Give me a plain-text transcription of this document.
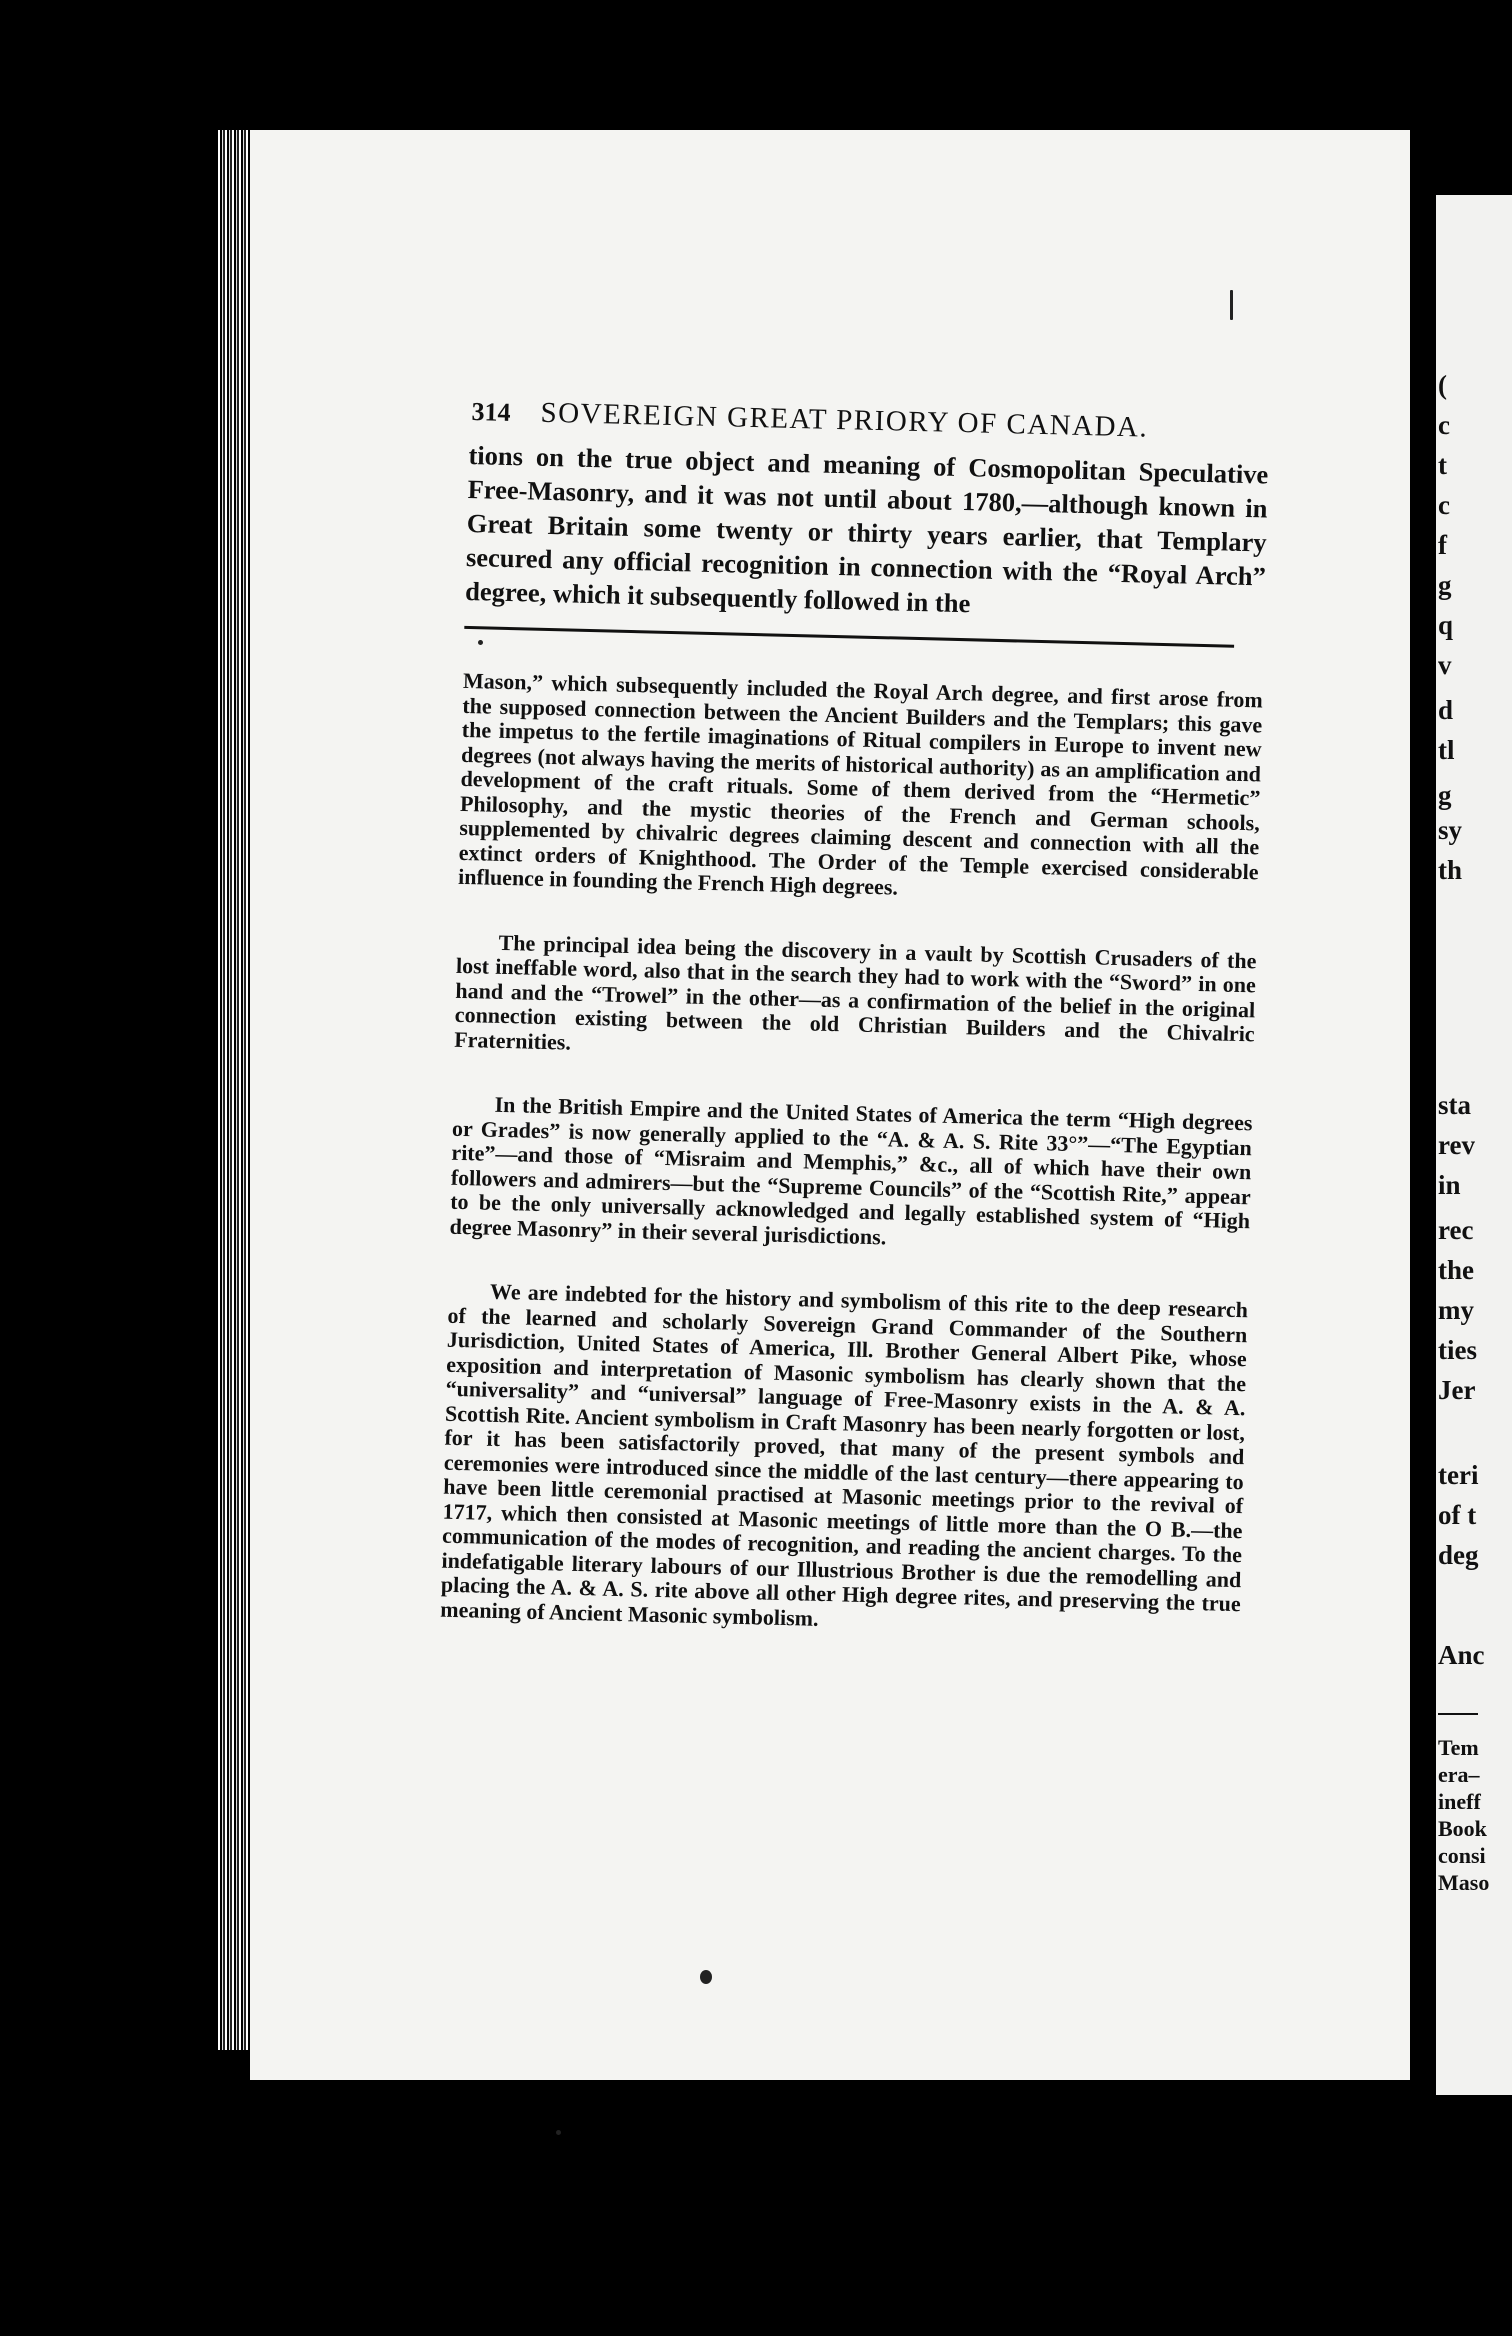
(
c
t
c
f
g
q
v
d
tl
g
sy
th
sta
rev
in
rec
the
my
ties
Jer
teri
of t
deg
Anc
Tem
era–
ineff
Book
consi
Maso
314 SOVEREIGN GREAT PRIORY OF CANADA.

tions on the true object and meaning of Cosmopolitan Speculative Free-Masonry, and it was not until about 1780,—although known in Great Britain some twenty or thirty years earlier, that Templary secured any official recognition in connection with the “Royal Arch” degree, which it subsequently followed in the

Mason,” which subsequently included the Royal Arch degree, and first arose from the supposed connection between the Ancient Builders and the Templars; this gave the impetus to the fertile imaginations of Ritual compilers in Europe to invent new degrees (not always having the merits of historical authority) as an amplification and development of the craft rituals. Some of them derived from the “Hermetic” Philosophy, and the mystic theories of the French and German schools, supplemented by chivalric degrees claiming descent and connection with all the extinct orders of Knighthood. The Order of the Temple exercised considerable influence in founding the French High degrees.

The principal idea being the discovery in a vault by Scottish Crusaders of the lost ineffable word, also that in the search they had to work with the “Sword” in one hand and the “Trowel” in the other—as a confirmation of the belief in the original connection existing between the old Christian Builders and the Chivalric Fraternities.

In the British Empire and the United States of America the term “High degrees or Grades” is now generally applied to the “A. & A. S. Rite 33°”—“The Egyptian rite”—and those of “Misraim and Memphis,” &c., all of which have their own followers and admirers—but the “Supreme Councils” of the “Scottish Rite,” appear to be the only universally acknowledged and legally established system of “High degree Masonry” in their several jurisdictions.

We are indebted for the history and symbolism of this rite to the deep research of the learned and scholarly Sovereign Grand Commander of the Southern Jurisdiction, United States of America, Ill. Brother General Albert Pike, whose exposition and interpretation of Masonic symbolism has clearly shown that the “universality” and “universal” language of Free-Masonry exists in the A. & A. Scottish Rite. Ancient symbolism in Craft Masonry has been nearly forgotten or lost, for it has been satisfactorily proved, that many of the present symbols and ceremonies were introduced since the middle of the last century—there appearing to have been little ceremonial practised at Masonic meetings prior to the revival of 1717, which then consisted at Masonic meetings of little more than the O B.—the communication of the modes of recognition, and reading the ancient charges. To the indefatigable literary labours of our Illustrious Brother is due the remodelling and placing the A. & A. S. rite above all other High degree rites, and preserving the true meaning of Ancient Masonic symbolism.
